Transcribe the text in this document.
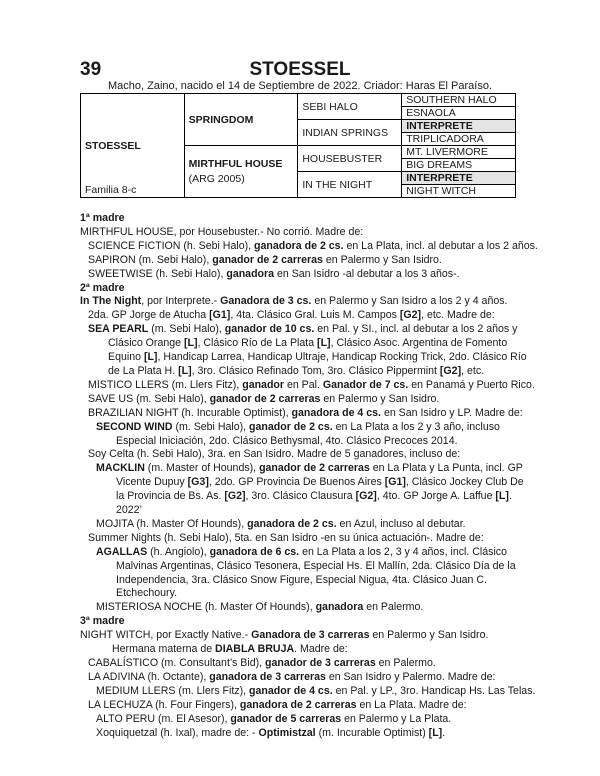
39	STOESSEL
Macho, Zaino, nacido el 14 de Septiembre de 2022. Criador: Haras El Paraíso.
STOESSEL
Familia 8-c	SPRINGDOM	SEBI HALO	SOUTHERN HALO
			ESNAOLA
		INDIAN SPRINGS	INTERPRETE
			TRIPLICADORA

	MIRTHFUL HOUSE
(ARG 2005)	HOUSEBUSTER	MT. LIVERMORE
			BIG DREAMS
		IN THE NIGHT	INTERPRETE
			NIGHT WITCH
1ª madre
MIRTHFUL HOUSE, por Housebuster.- No corrió. Madre de:
SCIENCE FICTION (h. Sebi Halo), ganadora de 2 cs. en La Plata, incl. al debutar a los 2 años.
SAPIRON (m. Sebi Halo), ganador de 2 carreras en Palermo y San Isidro.
SWEETWISE (h. Sebi Halo), ganadora en San Isidro -al debutar a los 3 años-.
2ª madre
In The Night, por Interprete.- Ganadora de 3 cs. en Palermo y San Isidro a los 2 y 4 años.
2da. GP Jorge de Atucha [G1], 4ta. Clásico Gral. Luis M. Campos [G2], etc. Madre de:
SEA PEARL (m. Sebi Halo), ganador de 10 cs. en Pal. y SI., incl. al debutar a los 2 años y Clásico Orange [L], Clásico Río de La Plata [L], Clásico Asoc. Argentina de Fomento Equino [L], Handicap Larrea, Handicap Ultraje, Handicap Rocking Trick, 2do. Clásico Río de La Plata H. [L], 3ro. Clásico Refinado Tom, 3ro. Clásico Pippermint [G2], etc.
MISTICO LLERS (m. Llers Fitz), ganador en Pal. Ganador de 7 cs. en Panamá y Puerto Rico.
SAVE US (m. Sebi Halo), ganador de 2 carreras en Palermo y San Isidro.
BRAZILIAN NIGHT (h. Incurable Optimist), ganadora de 4 cs. en San Isidro y LP. Madre de:
SECOND WIND (m. Sebi Halo), ganador de 2 cs. en La Plata a los 2 y 3 año, incluso Especial Iniciación, 2do. Clásico Bethysmal, 4to. Clásico Precoces 2014.
Soy Celta (h. Sebi Halo), 3ra. en San Isidro. Madre de 5 ganadores, incluso de:
MACKLIN (m. Master of Hounds), ganador de 2 carreras en La Plata y La Punta, incl. GP Vicente Dupuy [G3], 2do. GP Provincia De Buenos Aires [G1], Clásico Jockey Club De la Provincia de Bs. As. [G2], 3ro. Clásico Clausura [G2], 4to. GP Jorge A. Laffue [L]. 2022’
MOJITA (h. Master Of Hounds), ganadora de 2 cs. en Azul, incluso al debutar.
Summer Nights (h. Sebi Halo), 5ta. en San Isidro -en su única actuación-. Madre de:
AGALLAS (h. Angiolo), ganadora de 6 cs. en La Plata a los 2, 3 y 4 años, incl. Clásico Malvinas Argentinas, Clásico Tesonera, Especial Hs. El Mallín, 2da. Clásico Día de la Independencia, 3ra. Clásico Snow Figure, Especial Nigua, 4ta. Clásico Juan C. Etchechoury.
MISTERIOSA NOCHE (h. Master Of Hounds), ganadora en Palermo.
3ª madre
NIGHT WITCH, por Exactly Native.- Ganadora de 3 carreras en Palermo y San Isidro.
Hermana materna de DIABLA BRUJA. Madre de:
CABALÍSTICO (m. Consultant’s Bid), ganador de 3 carreras en Palermo.
LA ADIVINA (h. Octante), ganadora de 3 carreras en San Isidro y Palermo. Madre de:
MEDIUM LLERS (m. Llers Fitz), ganador de 4 cs. en Pal. y LP., 3ro. Handicap Hs. Las Telas.
LA LECHUZA (h. Four Fingers), ganadora de 2 carreras en La Plata. Madre de:
ALTO PERU (m. El Asesor), ganador de 5 carreras en Palermo y La Plata.
Xoquiquetzal (h. Ixal), madre de: - Optimistzal (m. Incurable Optimist) [L].
